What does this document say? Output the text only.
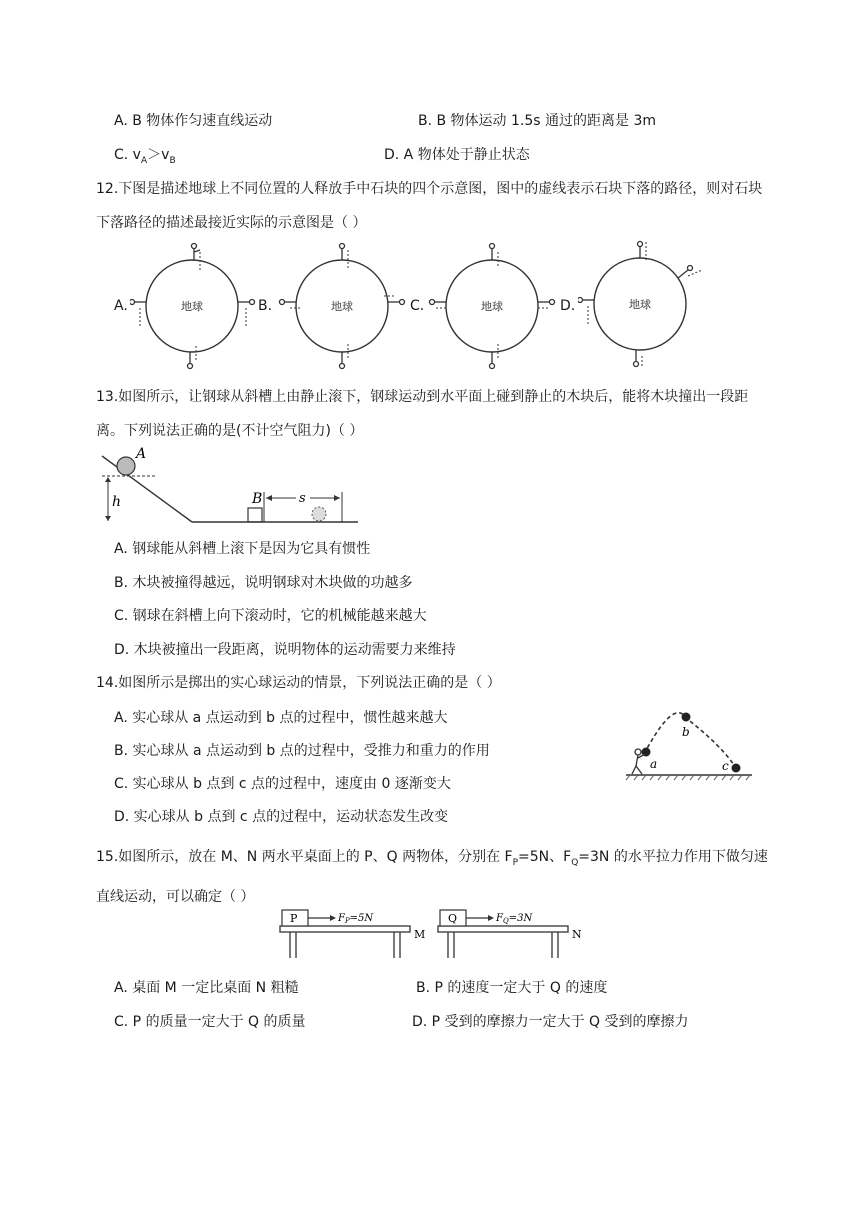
A. B 物体作匀速直线运动	B. B 物体运动 1.5s 通过的距离是 3m
C. $v_A>v_B$	D. A 物体处于静止状态
12.下图是描述地球上不同位置的人释放手中石块的四个示意图，图中的虚线表示石块下落的路径，则对石块下落路径的描述最接近实际的示意图是（ ）
A.	B.	C.	D.
地球	地球	地球	地球
13.如图所示，让钢球从斜槽上由静止滚下，钢球运动到水平面上碰到静止的木块后，能将木块撞出一段距离。下列说法正确的是(不计空气阻力)（ ）
h
A
B	s
A. 钢球能从斜槽上滚下是因为它具有惯性
B. 木块被撞得越远，说明钢球对木块做的功越多
C. 钢球在斜槽上向下滚动时，它的机械能越来越大
D. 木块被撞出一段距离，说明物体的运动需要力来维持
14.如图所示是掷出的实心球运动的情景，下列说法正确的是（ ）
A. 实心球从 a 点运动到 b 点的过程中，惯性越来越大
B. 实心球从 a 点运动到 b 点的过程中，受推力和重力的作用
C. 实心球从 b 点到 c 点的过程中，速度由 0 逐渐变大
D. 实心球从 b 点到 c 点的过程中，运动状态发生改变
a
b
c
15.如图所示，放在 M、N 两水平桌面上的 P、Q 两物体，分别在 $F_P=5N$、$F_Q=3N$ 的水平拉力作用下做匀速直线运动，可以确定（ ）
P	$F_P=5N$
M
Q	$F_Q=3N$
N
A. 桌面 M 一定比桌面 N 粗糙	B. P 的速度一定大于 Q 的速度
C. P 的质量一定大于 Q 的质量	D. P 受到的摩擦力一定大于 Q 受到的摩擦力
